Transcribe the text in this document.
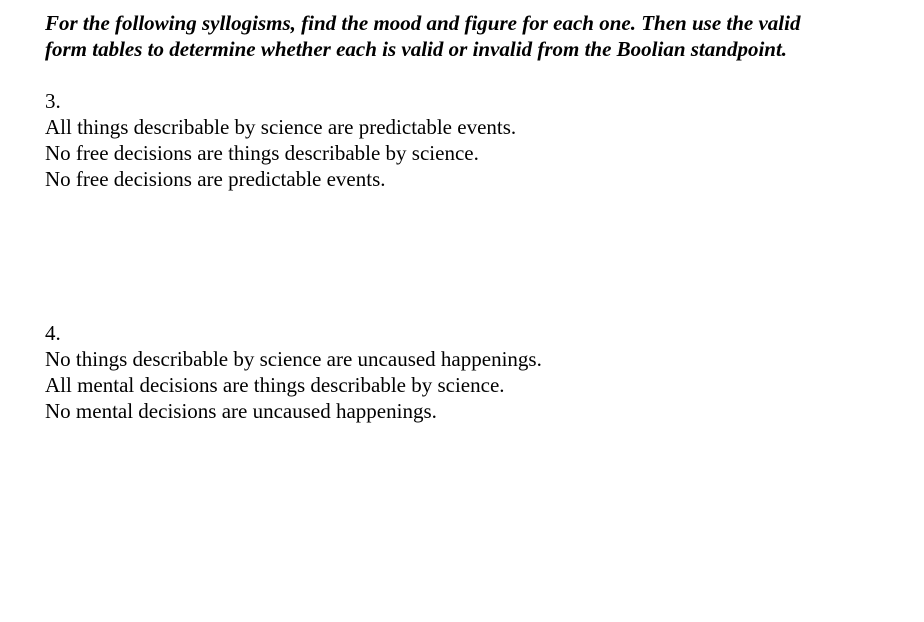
For the following syllogisms, find the mood and figure for each one. Then use the valid form tables to determine whether each is valid or invalid from the Boolian standpoint.

3.
All things describable by science are predictable events.
No free decisions are things describable by science.
No free decisions are predictable events.
4.
No things describable by science are uncaused happenings.
All mental decisions are things describable by science.
No mental decisions are uncaused happenings.
